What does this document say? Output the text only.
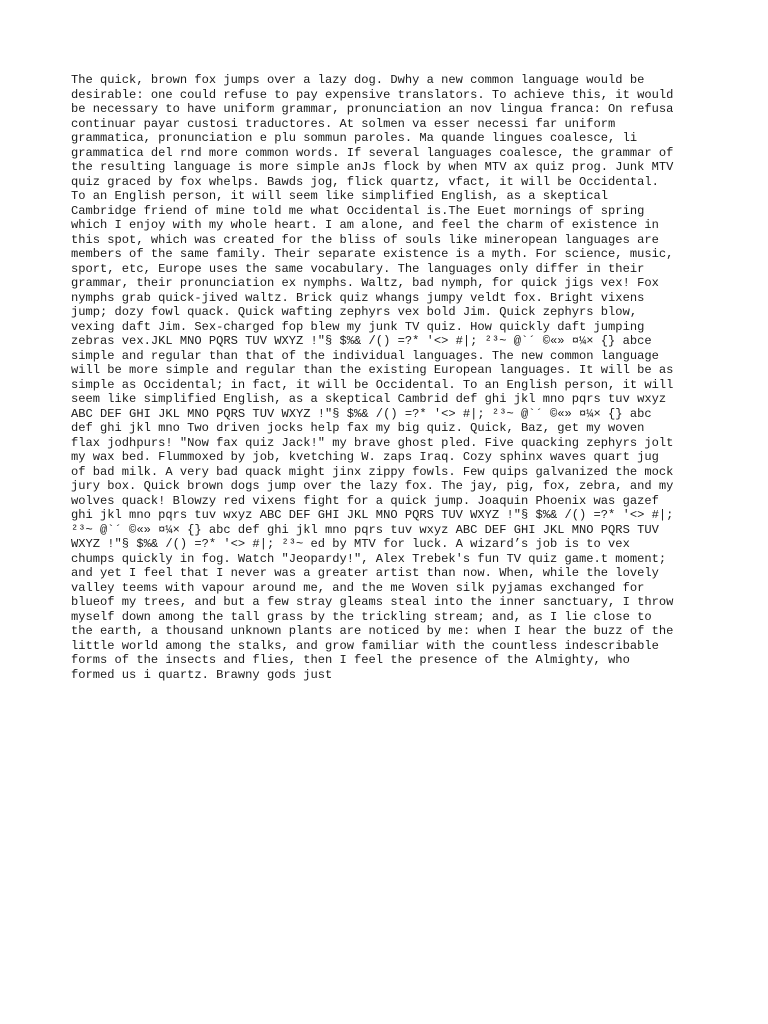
The quick, brown fox jumps over a lazy dog. Dwhy a new common language would be
desirable: one could refuse to pay expensive translators. To achieve this, it would
be necessary to have uniform grammar, pronunciation an nov lingua franca: On refusa
continuar payar custosi traductores. At solmen va esser necessi far uniform
grammatica, pronunciation e plu sommun paroles. Ma quande lingues coalesce, li
grammatica del rnd more common words. If several languages coalesce, the grammar of
the resulting language is more simple anJs flock by when MTV ax quiz prog. Junk MTV
quiz graced by fox whelps. Bawds jog, flick quartz, vfact, it will be Occidental.
To an English person, it will seem like simplified English, as a skeptical
Cambridge friend of mine told me what Occidental is.The Euet mornings of spring
which I enjoy with my whole heart. I am alone, and feel the charm of existence in
this spot, which was created for the bliss of souls like mineropean languages are
members of the same family. Their separate existence is a myth. For science, music,
sport, etc, Europe uses the same vocabulary. The languages only differ in their
grammar, their pronunciation ex nymphs. Waltz, bad nymph, for quick jigs vex! Fox
nymphs grab quick-jived waltz. Brick quiz whangs jumpy veldt fox. Bright vixens
jump; dozy fowl quack. Quick wafting zephyrs vex bold Jim. Quick zephyrs blow,
vexing daft Jim. Sex-charged fop blew my junk TV quiz. How quickly daft jumping
zebras vex.JKL MNO PQRS TUV WXYZ !"§ $%& /() =?* '<> #|; ²³~ @`´ ©«» ¤¼× {} abce
simple and regular than that of the individual languages. The new common language
will be more simple and regular than the existing European languages. It will be as
simple as Occidental; in fact, it will be Occidental. To an English person, it will
seem like simplified English, as a skeptical Cambrid def ghi jkl mno pqrs tuv wxyz
ABC DEF GHI JKL MNO PQRS TUV WXYZ !"§ $%& /() =?* '<> #|; ²³~ @`´ ©«» ¤¼× {} abc
def ghi jkl mno Two driven jocks help fax my big quiz. Quick, Baz, get my woven
flax jodhpurs! "Now fax quiz Jack!" my brave ghost pled. Five quacking zephyrs jolt
my wax bed. Flummoxed by job, kvetching W. zaps Iraq. Cozy sphinx waves quart jug
of bad milk. A very bad quack might jinx zippy fowls. Few quips galvanized the mock
jury box. Quick brown dogs jump over the lazy fox. The jay, pig, fox, zebra, and my
wolves quack! Blowzy red vixens fight for a quick jump. Joaquin Phoenix was gazef
ghi jkl mno pqrs tuv wxyz ABC DEF GHI JKL MNO PQRS TUV WXYZ !"§ $%& /() =?* '<> #|;
²³~ @`´ ©«» ¤¼× {} abc def ghi jkl mno pqrs tuv wxyz ABC DEF GHI JKL MNO PQRS TUV
WXYZ !"§ $%& /() =?* '<> #|; ²³~ ed by MTV for luck. A wizard’s job is to vex
chumps quickly in fog. Watch "Jeopardy!", Alex Trebek's fun TV quiz game.t moment;
and yet I feel that I never was a greater artist than now. When, while the lovely
valley teems with vapour around me, and the me Woven silk pyjamas exchanged for
blueof my trees, and but a few stray gleams steal into the inner sanctuary, I throw
myself down among the tall grass by the trickling stream; and, as I lie close to
the earth, a thousand unknown plants are noticed by me: when I hear the buzz of the
little world among the stalks, and grow familiar with the countless indescribable
forms of the insects and flies, then I feel the presence of the Almighty, who
formed us i quartz. Brawny gods just
